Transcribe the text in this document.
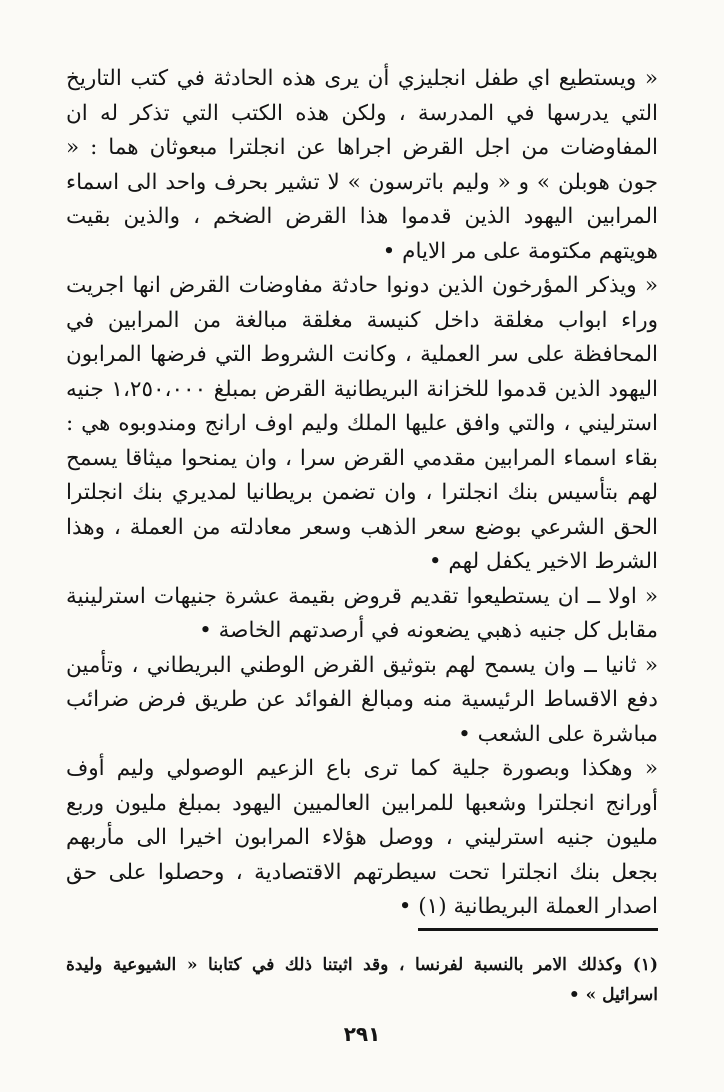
« ويستطيع اي طفل انجليزي أن يرى هذه الحادثة في كتب التاريخ التي يدرسها في المدرسة ، ولكن هذه الكتب التي تذكر له ان المفاوضات من اجل القرض اجراها عن انجلترا مبعوثان هما : « جون هوبلن » و « وليم باترسون » لا تشير بحرف واحد الى اسماء المرابين اليهود الذين قدموا هذا القرض الضخم ، والذين بقيت هويتهم مكتومة على مر الايام •

« ويذكر المؤرخون الذين دونوا حادثة مفاوضات القرض انها اجريت وراء ابواب مغلقة داخل كنيسة مغلقة مبالغة من المرابين في المحافظة على سر العملية ، وكانت الشروط التي فرضها المرابون اليهود الذين قدموا للخزانة البريطانية القرض بمبلغ ١،٢٥٠،٠٠٠ جنيه استرليني ، والتي وافق عليها الملك وليم اوف ارانج ومندوبوه هي : بقاء اسماء المرابين مقدمي القرض سرا ، وان يمنحوا ميثاقا يسمح لهم بتأسيس بنك انجلترا ، وان تضمن بريطانيا لمديري بنك انجلترا الحق الشرعي بوضع سعر الذهب وسعر معادلته من العملة ، وهذا الشرط الاخير يكفل لهم •

« اولا ــ ان يستطيعوا تقديم قروض بقيمة عشرة جنيهات استرلينية مقابل كل جنيه ذهبي يضعونه في أرصدتهم الخاصة •

« ثانيا ــ وان يسمح لهم بتوثيق القرض الوطني البريطاني ، وتأمين دفع الاقساط الرئيسية منه ومبالغ الفوائد عن طريق فرض ضرائب مباشرة على الشعب •

« وهكذا وبصورة جلية كما ترى باع الزعيم الوصولي وليم أوف أورانج انجلترا وشعبها للمرابين العالميين اليهود بمبلغ مليون وربع مليون جنيه استرليني ، ووصل هؤلاء المرابون اخيرا الى مأربهم بجعل بنك انجلترا تحت سيطرتهم الاقتصادية ، وحصلوا على حق اصدار العملة البريطانية (١) •

(١) وكذلك الامر بالنسبة لفرنسا ، وقد اثبتنا ذلك في كتابنا « الشيوعية وليدة اسرائيل » •

٢٩١
